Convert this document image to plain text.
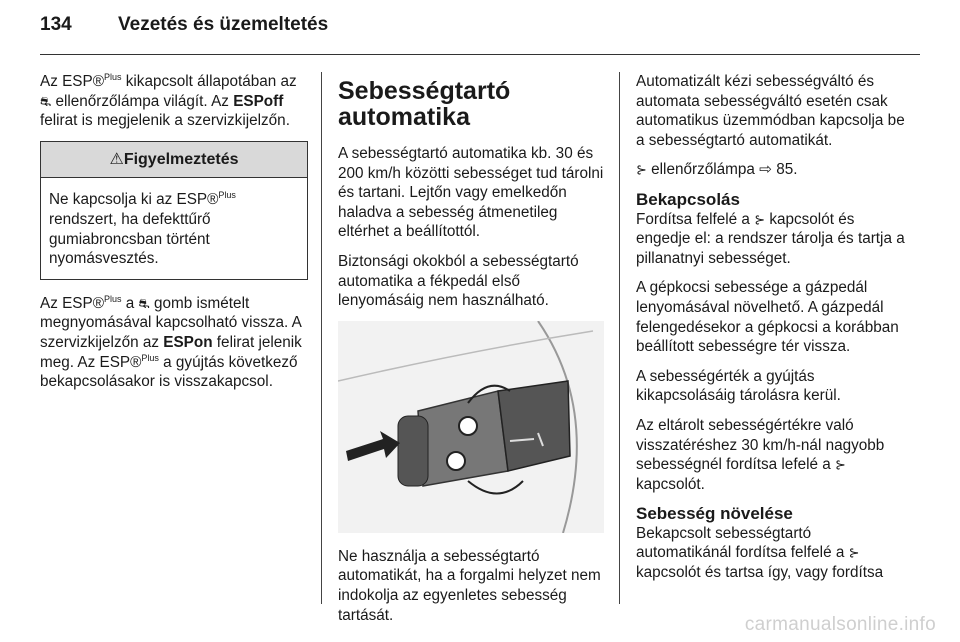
134 Vezetés és üzemeltetés

Az ESP®$^{Plus}$ kikapcsolt állapotában az ⛐ ellenőrzőlámpa világít. Az ESPoff felirat is megjelenik a szervizkijelzőn.

⚠Figyelmeztetés
Ne kapcsolja ki az ESP®$^{Plus}$ rendszert, ha defekttűrő gumiabroncsban történt nyomásvesztés.

Az ESP®$^{Plus}$ a ⛐ gomb ismételt megnyomásával kapcsolható vissza. A szervizkijelzőn az ESPon felirat jelenik meg. Az ESP®$^{Plus}$ a gyújtás következő bekapcsolásakor is visszakapcsol.

Sebességtartó automatika

A sebességtartó automatika kb. 30 és 200 km/h közötti sebességet tud tárolni és tartani. Lejtőn vagy emelkedőn haladva a sebesség átmenetileg eltérhet a beállítottól.

Biztonsági okokból a sebességtartó automatika a fékpedál első lenyomásáig nem használható.

Ne használja a sebességtartó automatikát, ha a forgalmi helyzet nem indokolja az egyenletes sebesség tartását.

Automatizált kézi sebességváltó és automata sebességváltó esetén csak automatikus üzemmódban kapcsolja be a sebességtartó automatikát.

⊱ ellenőrzőlámpa ⇨ 85.

Bekapcsolás

Fordítsa felfelé a ⊱ kapcsolót és engedje el: a rendszer tárolja és tartja a pillanatnyi sebességet.

A gépkocsi sebessége a gázpedál lenyomásával növelhető. A gázpedál felengedésekor a gépkocsi a korábban beállított sebességre tér vissza.

A sebességérték a gyújtás kikapcsolásáig tárolásra kerül.

Az eltárolt sebességértékre való visszatéréshez 30 km/h-nál nagyobb sebességnél fordítsa lefelé a ⊱ kapcsolót.

Sebesség növelése

Bekapcsolt sebességtartó automatikánál fordítsa felfelé a ⊱ kapcsolót és tartsa így, vagy fordítsa

carmanualsonline.info
